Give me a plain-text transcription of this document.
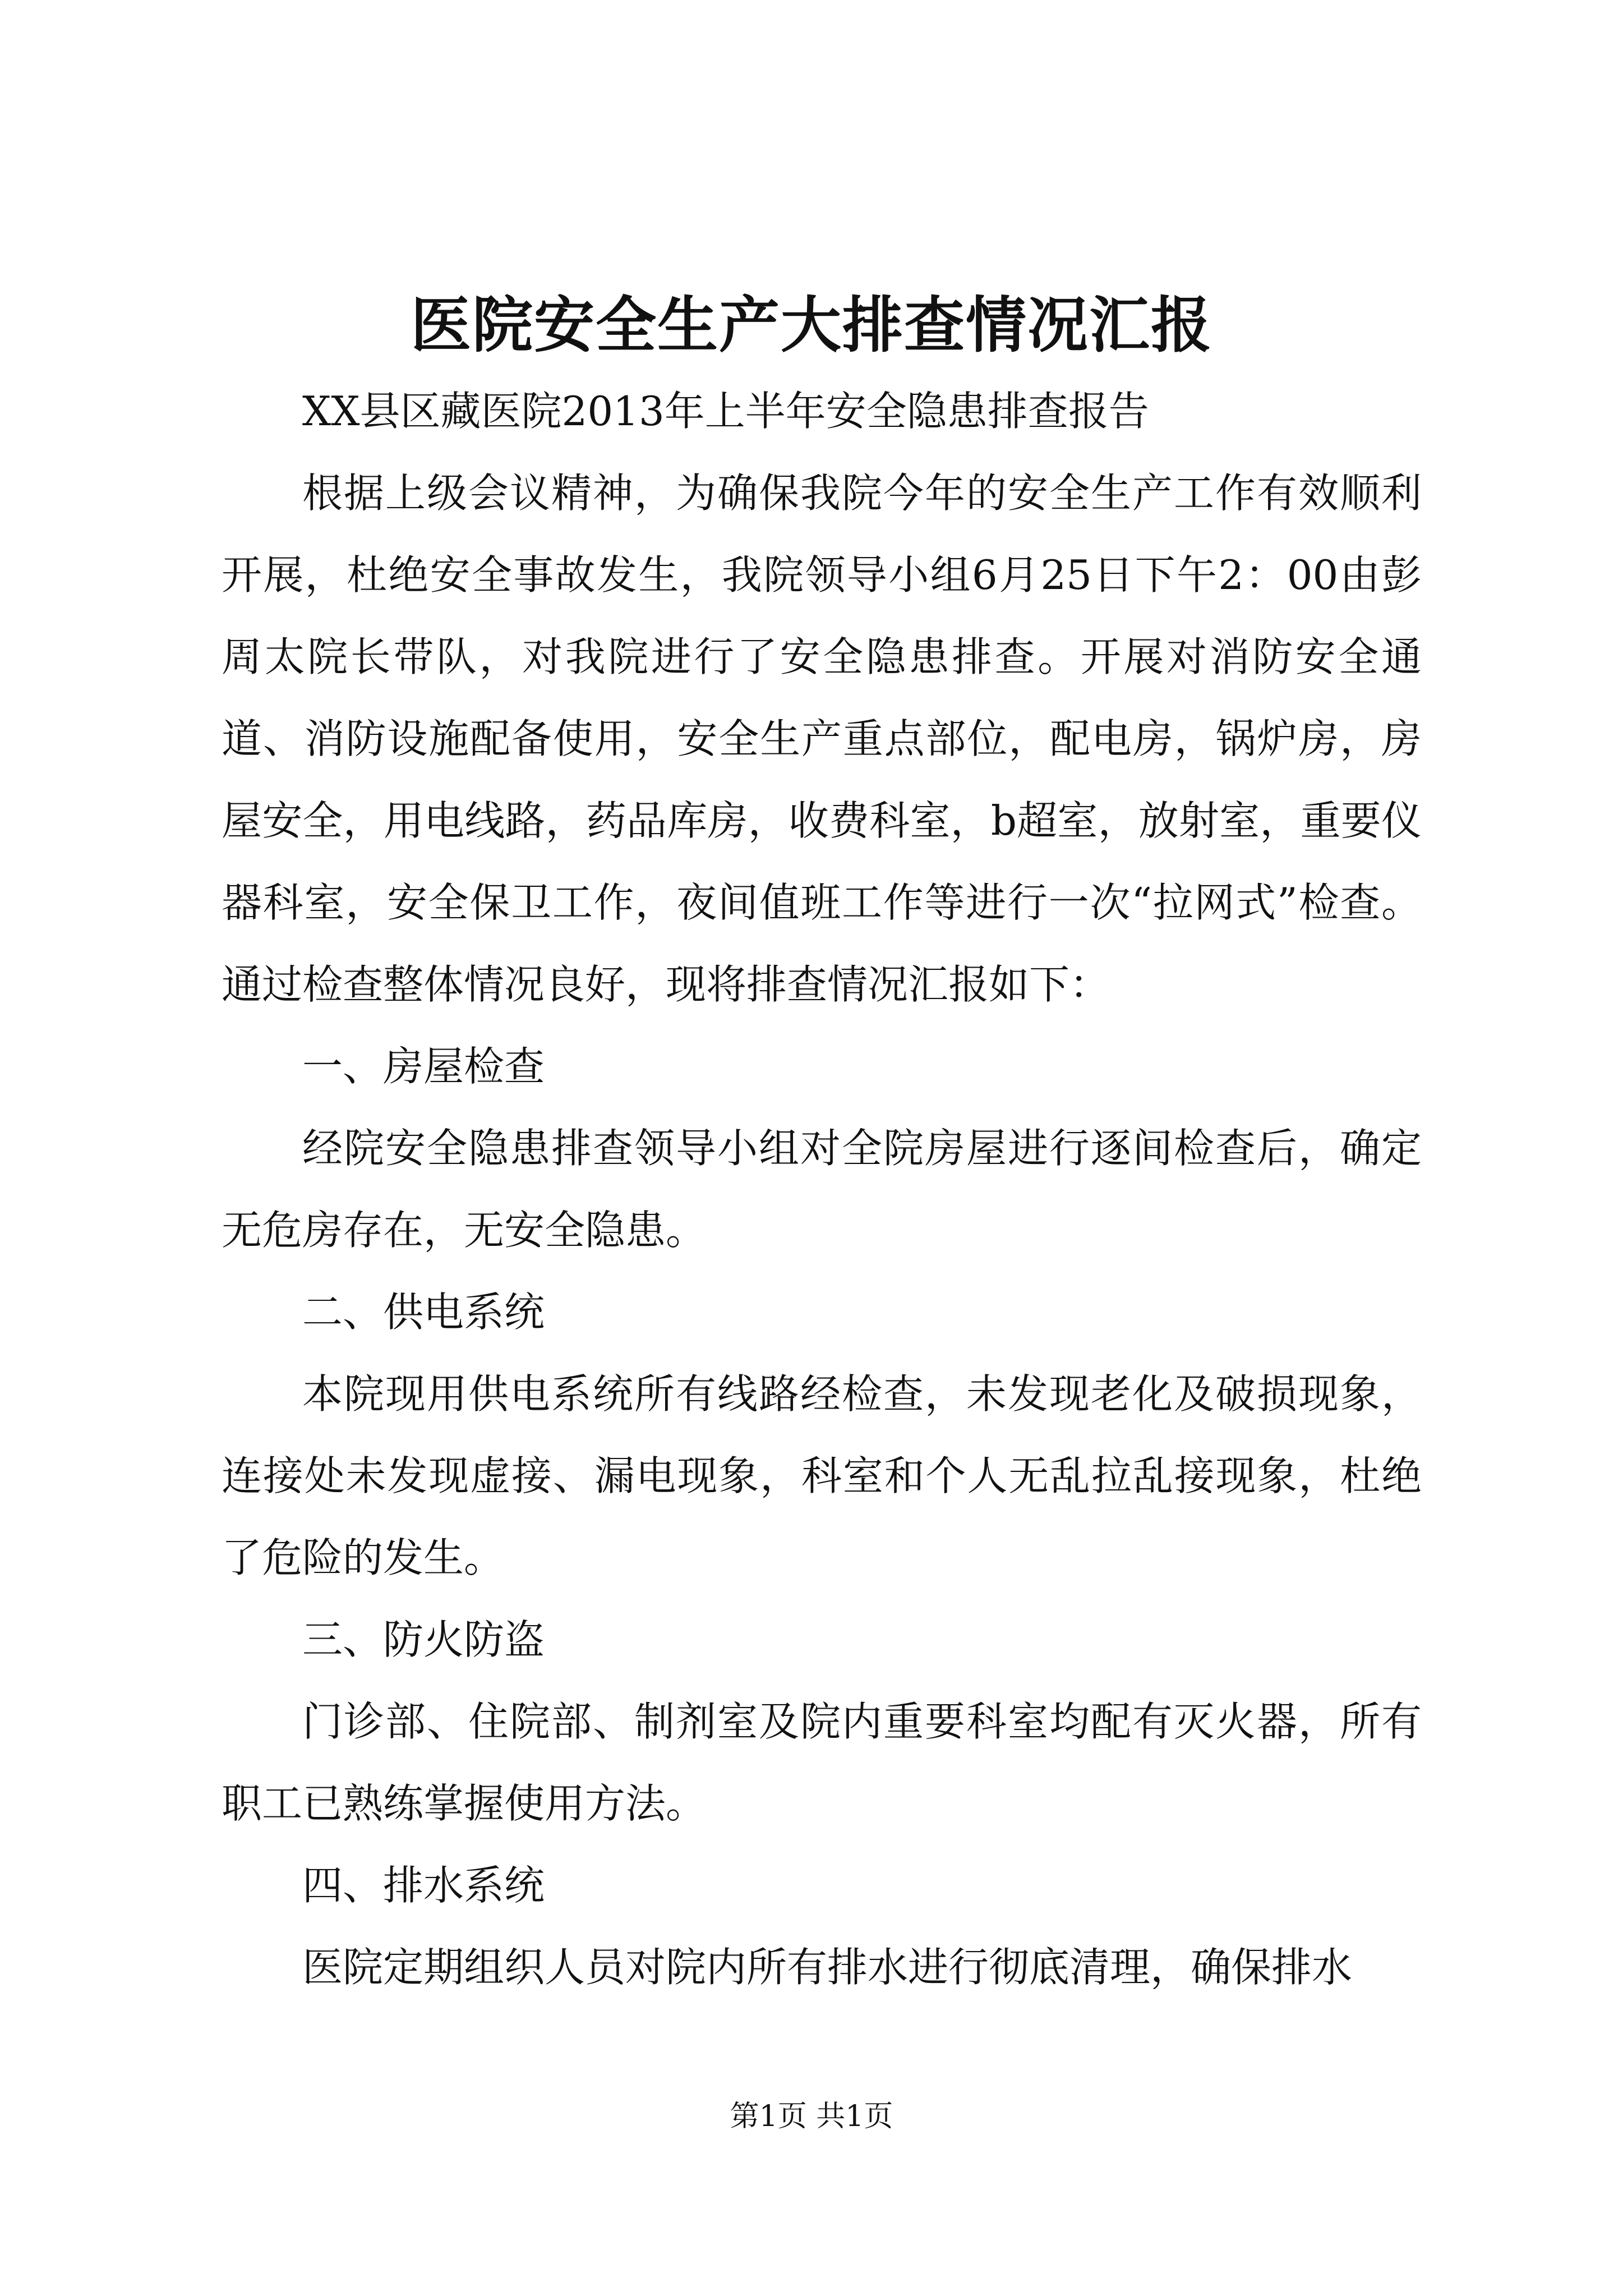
医院安全生产大排查情况汇报

XX县区藏医院2013年上半年安全隐患排查报告

根据上级会议精神，为确保我院今年的安全生产工作有效顺利开展，杜绝安全事故发生，我院领导小组6月25日下午2：00由彭周太院长带队，对我院进行了安全隐患排查。开展对消防安全通道、消防设施配备使用，安全生产重点部位，配电房，锅炉房，房屋安全，用电线路，药品库房，收费科室，b超室，放射室，重要仪器科室，安全保卫工作，夜间值班工作等进行一次“拉网式”检查。通过检查整体情况良好，现将排查情况汇报如下：

一、房屋检查

经院安全隐患排查领导小组对全院房屋进行逐间检查后，确定无危房存在，无安全隐患。

二、供电系统

本院现用供电系统所有线路经检查，未发现老化及破损现象，连接处未发现虚接、漏电现象，科室和个人无乱拉乱接现象，杜绝了危险的发生。

三、防火防盗

门诊部、住院部、制剂室及院内重要科室均配有灭火器，所有职工已熟练掌握使用方法。

四、排水系统

医院定期组织人员对院内所有排水进行彻底清理，确保排水

第1页 共1页
